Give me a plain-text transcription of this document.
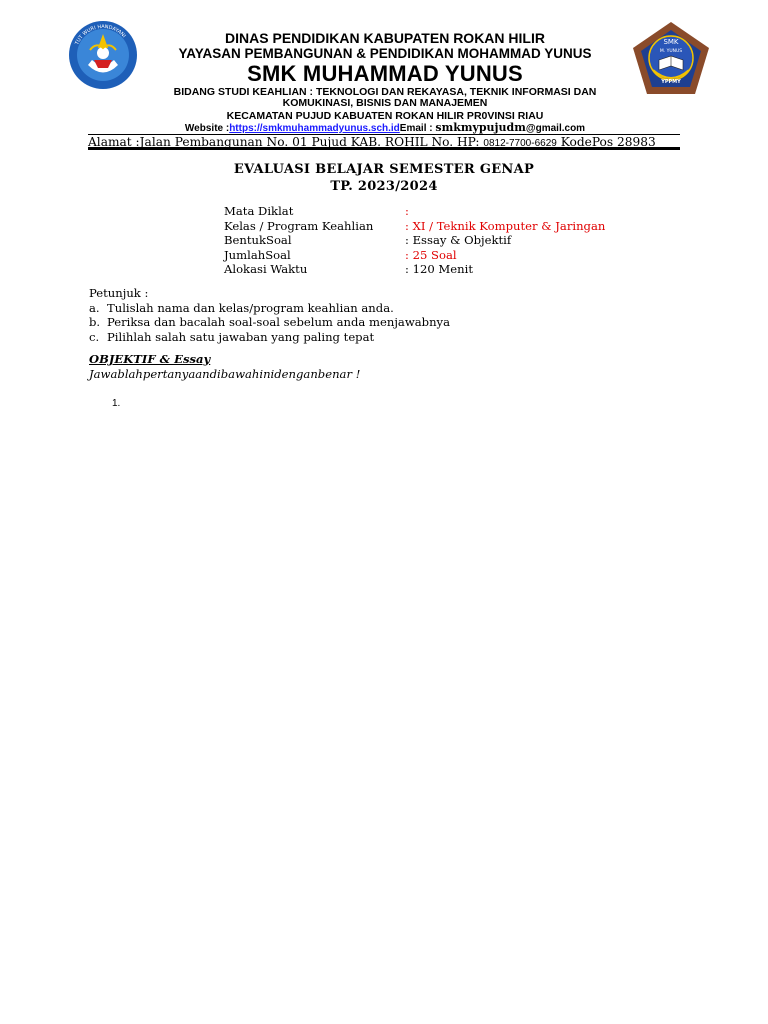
TUT WURI HANDAYANI
SMK
M. YUNUS
YPPMY
DINAS PENDIDIKAN KABUPATEN ROKAN HILIR
YAYASAN PEMBANGUNAN & PENDIDIKAN MOHAMMAD YUNUS
SMK MUHAMMAD YUNUS
BIDANG STUDI KEAHLIAN : TEKNOLOGI DAN REKAYASA, TEKNIK INFORMASI DAN
KOMUKINASI, BISNIS DAN MANAJEMEN
KECAMATAN PUJUD KABUATEN ROKAN HILIR PR0VINSI RIAU
Website :https://smkmuhammadyunus.sch.idEmail : smkmypujudm@gmail.com
Alamat :Jalan Pembangunan No. 01 Pujud KAB. ROHIL No. HP: 0812-7700-6629 KodePos 28983
EVALUASI BELAJAR SEMESTER GENAP
TP. 2023/2024
Mata Diklat	:
Kelas / Program Keahlian	: XI / Teknik Komputer & Jaringan
BentukSoal	: Essay & Objektif
JumlahSoal	: 25 Soal
Alokasi Waktu	: 120 Menit
Petunjuk :
a. Tulislah nama dan kelas/program keahlian anda.
b. Periksa dan bacalah soal-soal sebelum anda menjawabnya
c. Pilihlah salah satu jawaban yang paling tepat
OBJEKTIF & Essay
Jawablahpertanyaandibawahinidenganbenar !
1.
